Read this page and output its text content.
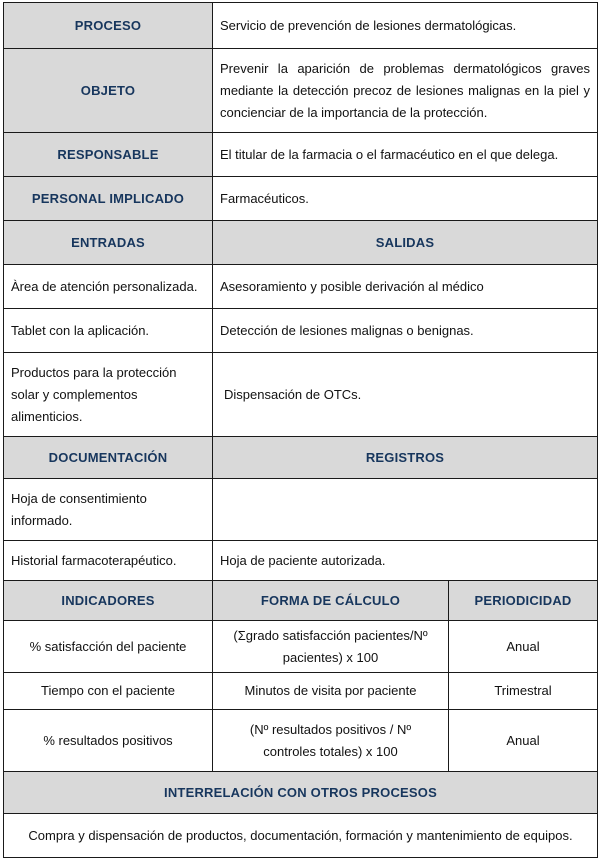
PROCESO	Servicio de prevención de lesiones dermatológicas.	
OBJETO	Prevenir la aparición de problemas dermatológicos graves mediante la detección precoz de lesiones malignas en la piel y concienciar de la importancia de la protección.	
RESPONSABLE	El titular de la farmacia o el farmacéutico en el que delega.	
PERSONAL IMPLICADO	Farmacéuticos.	
ENTRADAS	SALIDAS	
Àrea de atención personalizada.	Asesoramiento y posible derivación al médico	
Tablet con la aplicación.	Detección de lesiones malignas o benignas.	
Productos para la protección solar y complementos alimenticios.	Dispensación de OTCs.	
DOCUMENTACIÓN	REGISTROS	
Hoja de consentimiento informado.		
Historial farmacoterapéutico.	Hoja de paciente autorizada.	
INDICADORES	FORMA DE CÁLCULO	PERIODICIDAD
% satisfacción del paciente	(Σgrado satisfacción pacientes/Nº pacientes) x 100	Anual
Tiempo con el paciente	Minutos de visita por paciente	Trimestral
% resultados positivos	(Nº resultados positivos / Nº controles totales) x 100	Anual
INTERRELACIÓN CON OTROS PROCESOS		
Compra y dispensación de productos, documentación, formación y mantenimiento de equipos.		
